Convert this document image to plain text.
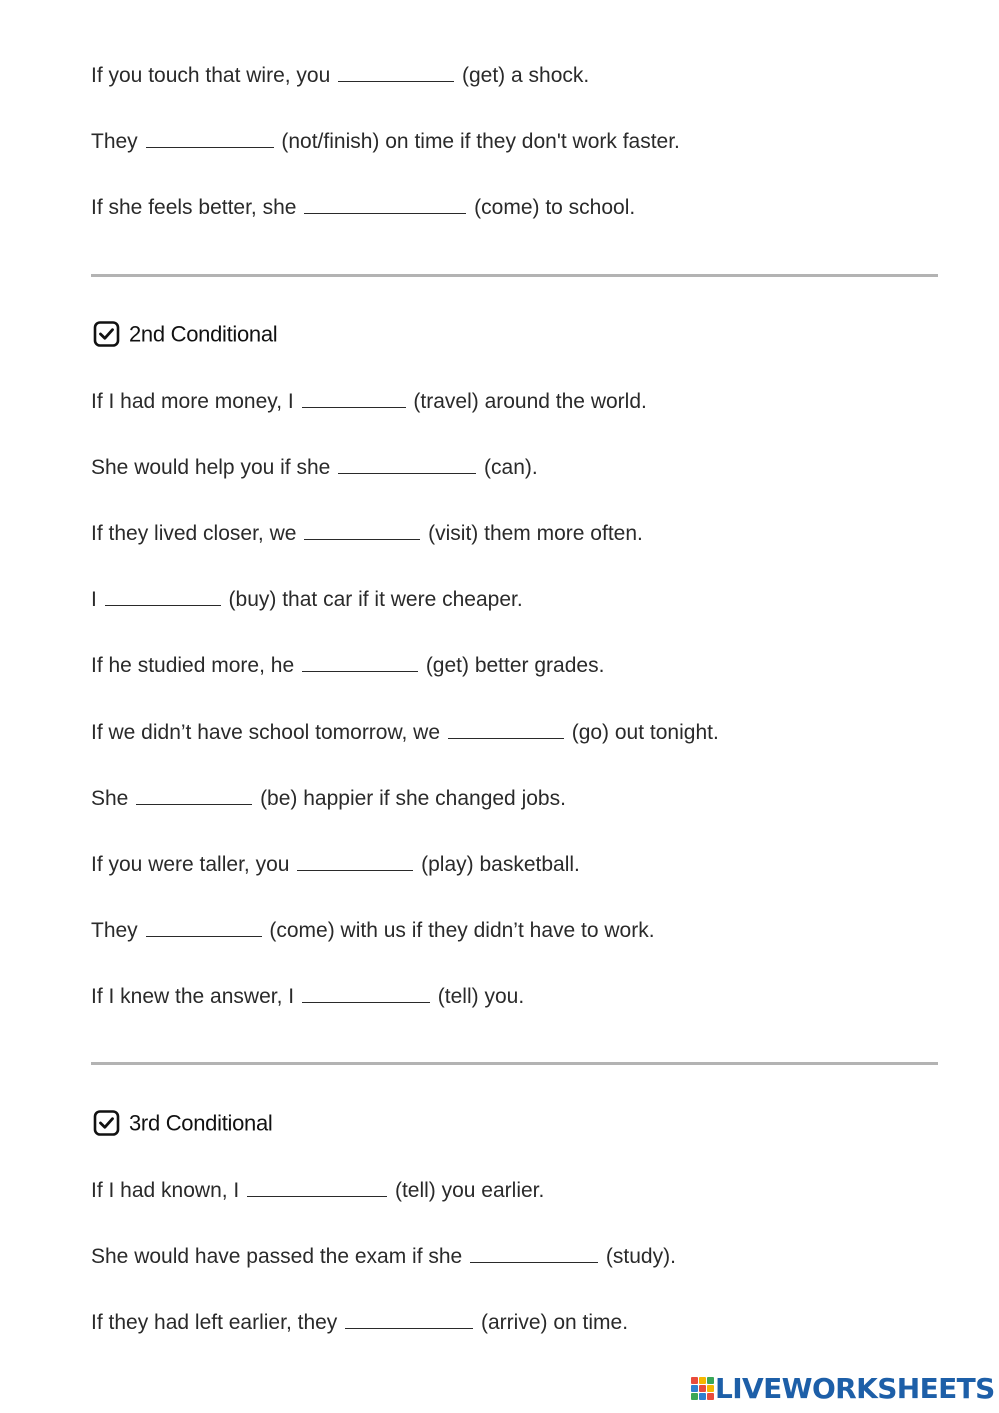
If you touch that wire, you	(get) a shock.

They	(not/finish) on time if they don't work faster.

If she feels better, she	(come) to school.

2nd Conditional

If I had more money, I	(travel) around the world.

She would help you if she	(can).

If they lived closer, we	(visit) them more often.

I	(buy) that car if it were cheaper.

If he studied more, he	(get) better grades.

If we didn’t have school tomorrow, we	(go) out tonight.

She	(be) happier if she changed jobs.

If you were taller, you	(play) basketball.

They	(come) with us if they didn’t have to work.

If I knew the answer, I	(tell) you.

3rd Conditional

If I had known, I	(tell) you earlier.

She would have passed the exam if she	(study).

If they had left earlier, they	(arrive) on time.

LIVEWORKSHEETS
